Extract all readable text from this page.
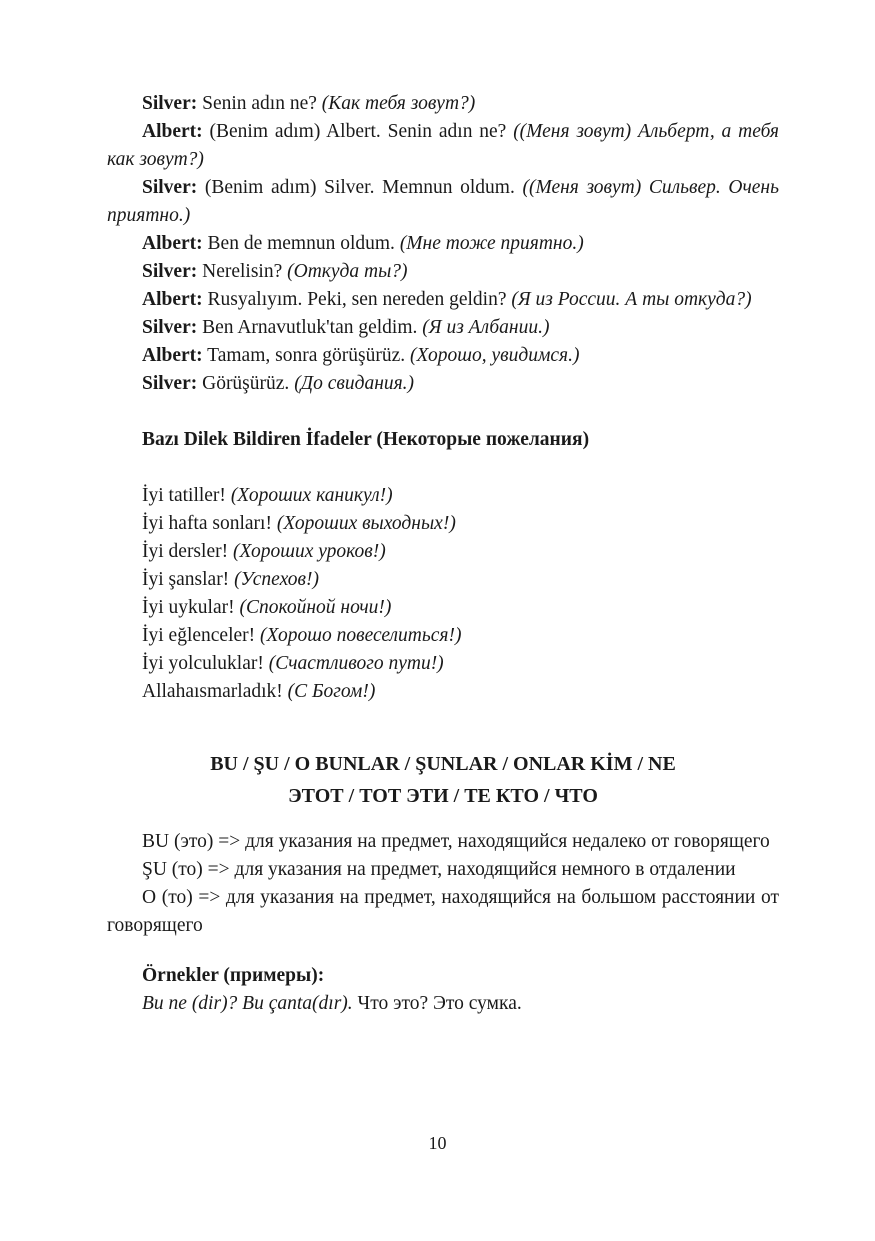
Silver: Senin adın ne? (Как тебя зовут?)

Albert: (Benim adım) Albert. Senin adın ne? ((Меня зовут) Альберт, а тебя как зовут?)

Silver: (Benim adım) Silver. Memnun oldum. ((Меня зовут) Сильвер. Очень приятно.)

Albert: Ben de memnun oldum. (Мне тоже приятно.)

Silver: Nerelisin? (Откуда ты?)

Albert: Rusyalıyım. Peki, sen nereden geldin? (Я из России. А ты откуда?)

Silver: Ben Arnavutluk'tan geldim. (Я из Албании.)

Albert: Tamam, sonra görüşürüz. (Хорошо, увидимся.)

Silver: Görüşürüz. (До свидания.)

Bazı Dilek Bildiren İfadeler (Некоторые пожелания)

İyi tatiller! (Хороших каникул!)

İyi hafta sonları! (Хороших выходных!)

İyi dersler! (Хороших уроков!)

İyi şanslar! (Успехов!)

İyi uykular! (Спокойной ночи!)

İyi eğlenceler! (Хорошо повеселиться!)

İyi yolculuklar! (Счастливого пути!)

Allahaısmarladık! (С Богом!)

BU / ŞU / O BUNLAR / ŞUNLAR / ONLAR KİM / NE
ЭТОТ / ТОТ ЭТИ / ТЕ КТО / ЧТО

BU (это) => для указания на предмет, находящийся недалеко от говорящего

ŞU (то) => для указания на предмет, находящийся немного в отдалении

O (то) => для указания на предмет, находящийся на большом расстоянии от говорящего

Örnekler (примеры):

Bu ne (dir)? Bu çanta(dır). Что это? Это сумка.

10
